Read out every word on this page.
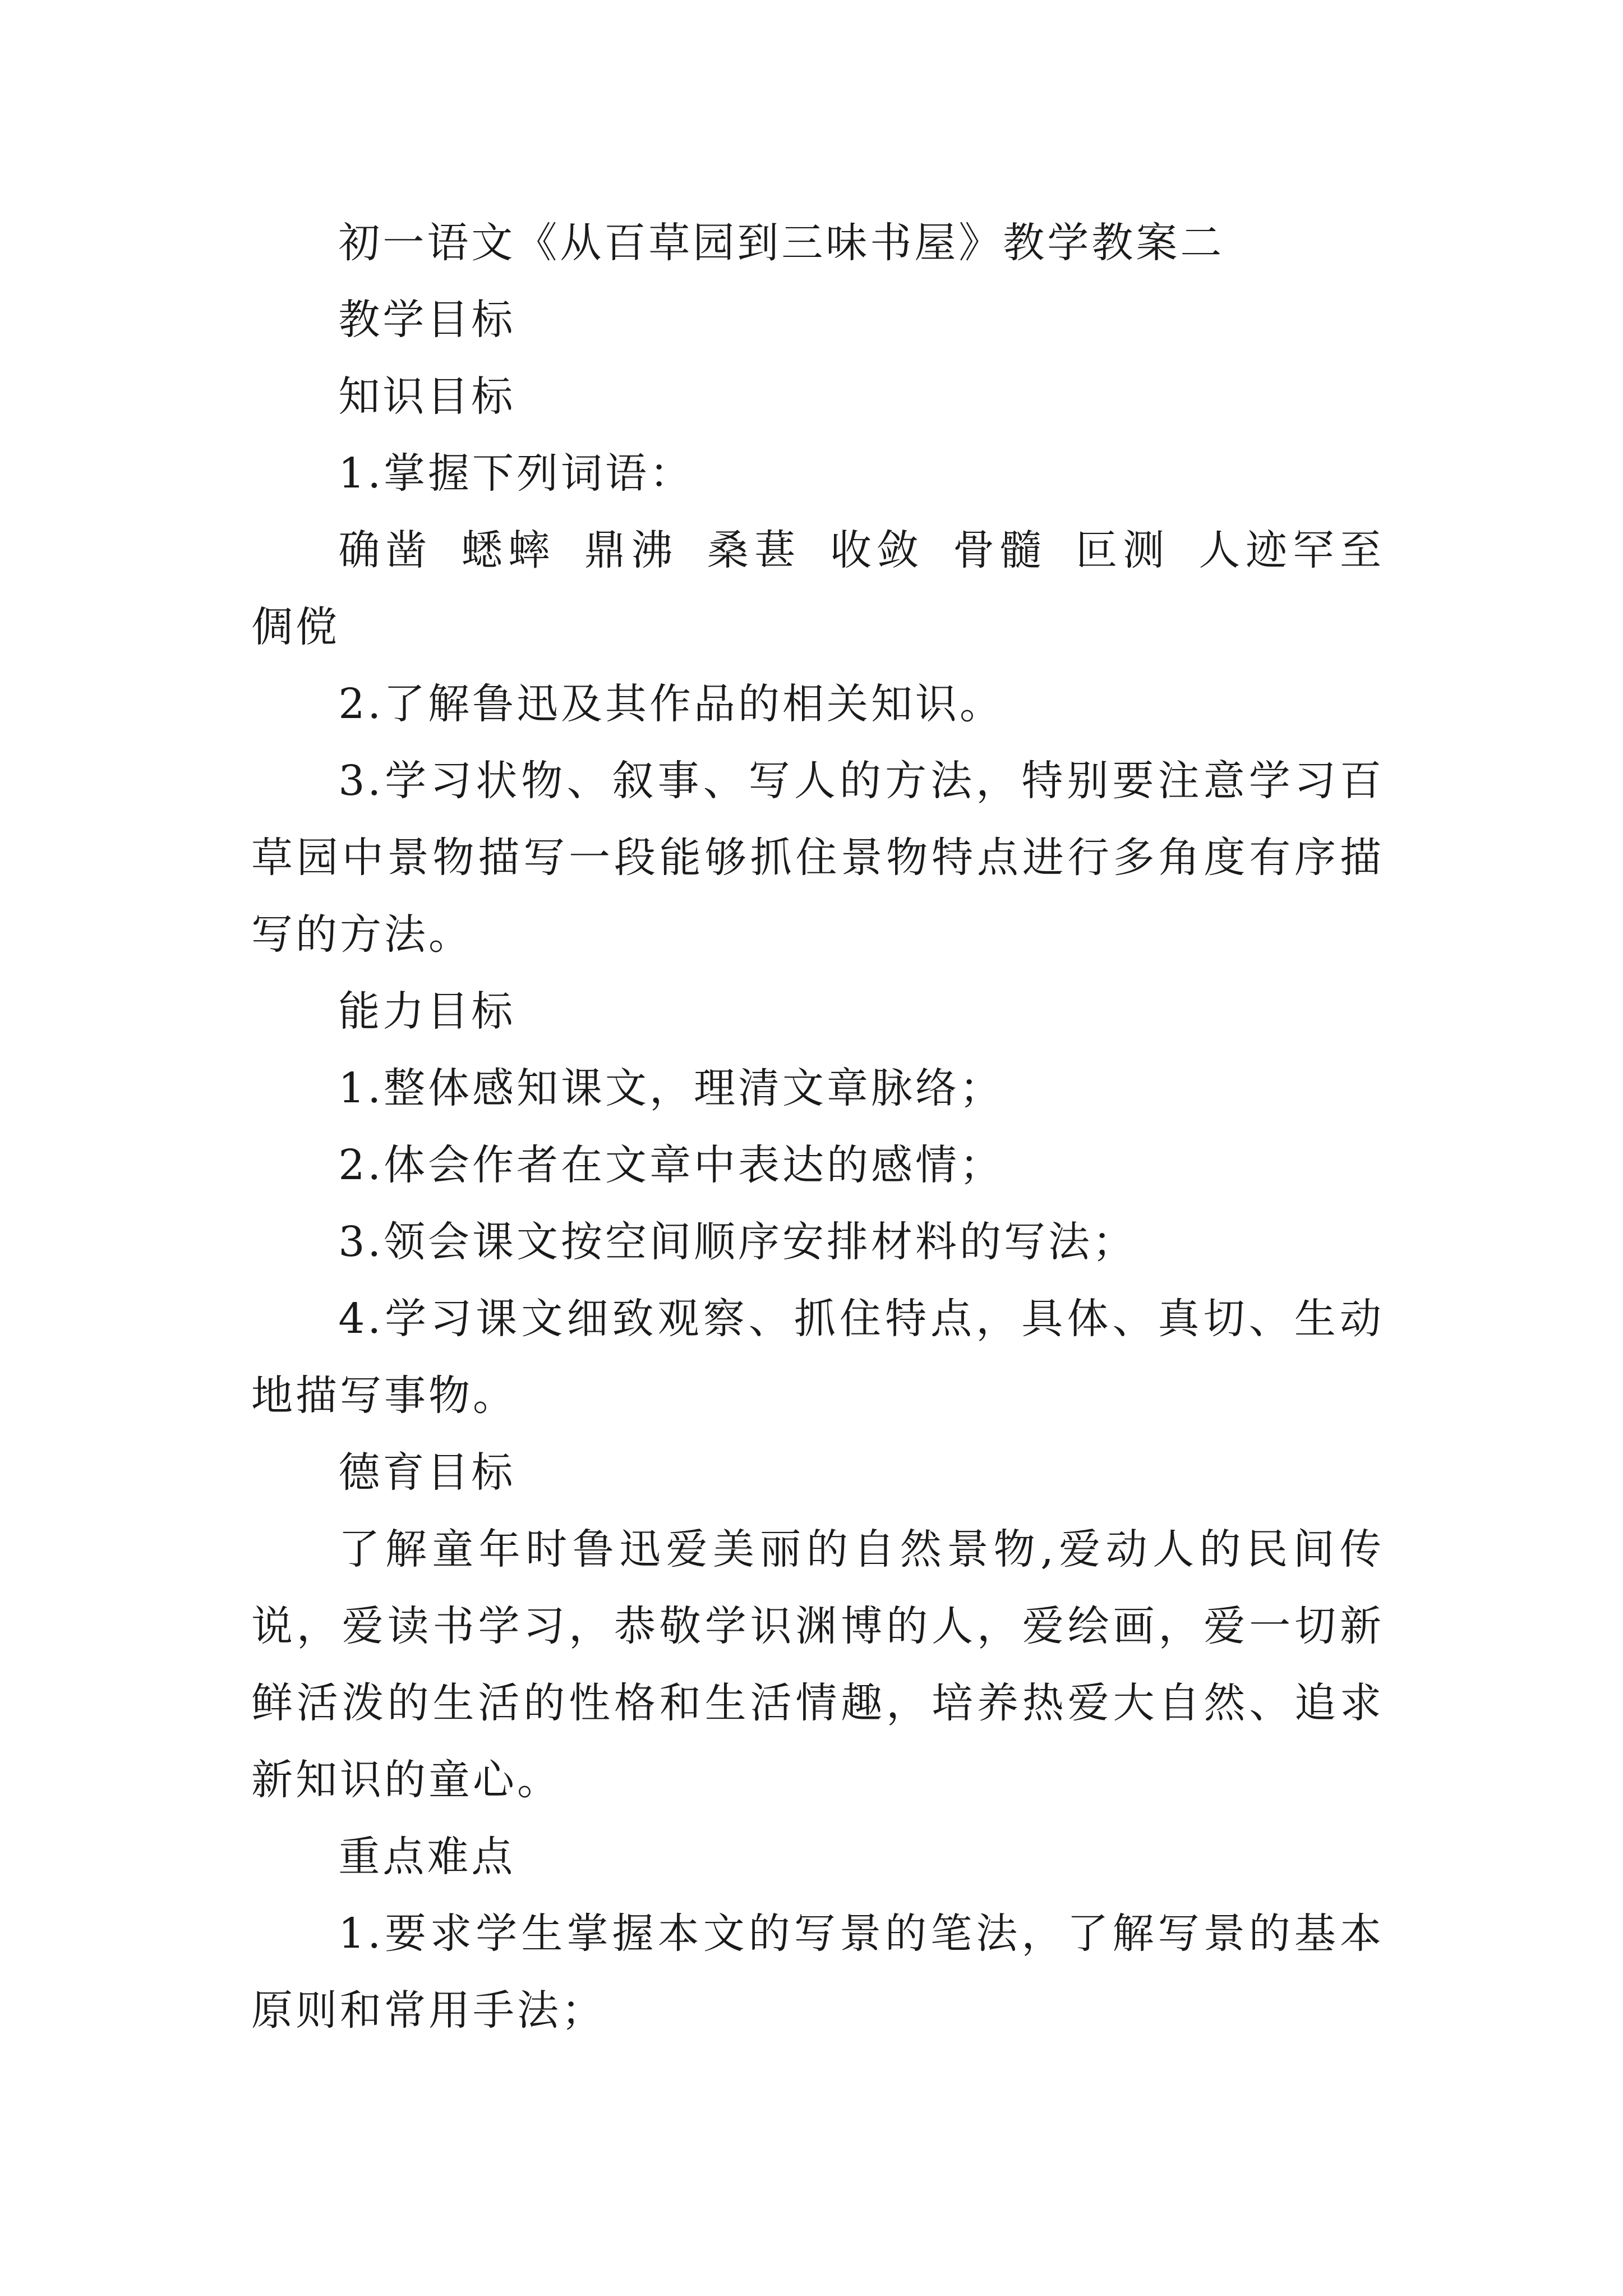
初一语文《从百草园到三味书屋》教学教案二

教学目标

知识目标

1.掌握下列词语：

确凿 蟋蟀 鼎沸 桑葚 收敛 骨髓 叵测 人迹罕至 倜傥

2.了解鲁迅及其作品的相关知识。

3.学习状物、叙事、写人的方法，特别要注意学习百草园中景物描写一段能够抓住景物特点进行多角度有序描写的方法。

能力目标

1.整体感知课文，理清文章脉络；

2.体会作者在文章中表达的感情；

3.领会课文按空间顺序安排材料的写法；

4.学习课文细致观察、抓住特点，具体、真切、生动地描写事物。

德育目标

了解童年时鲁迅爱美丽的自然景物,爱动人的民间传说，爱读书学习，恭敬学识渊博的人，爱绘画，爱一切新鲜活泼的生活的性格和生活情趣，培养热爱大自然、追求新知识的童心。

重点难点

1.要求学生掌握本文的写景的笔法，了解写景的基本原则和常用手法；
